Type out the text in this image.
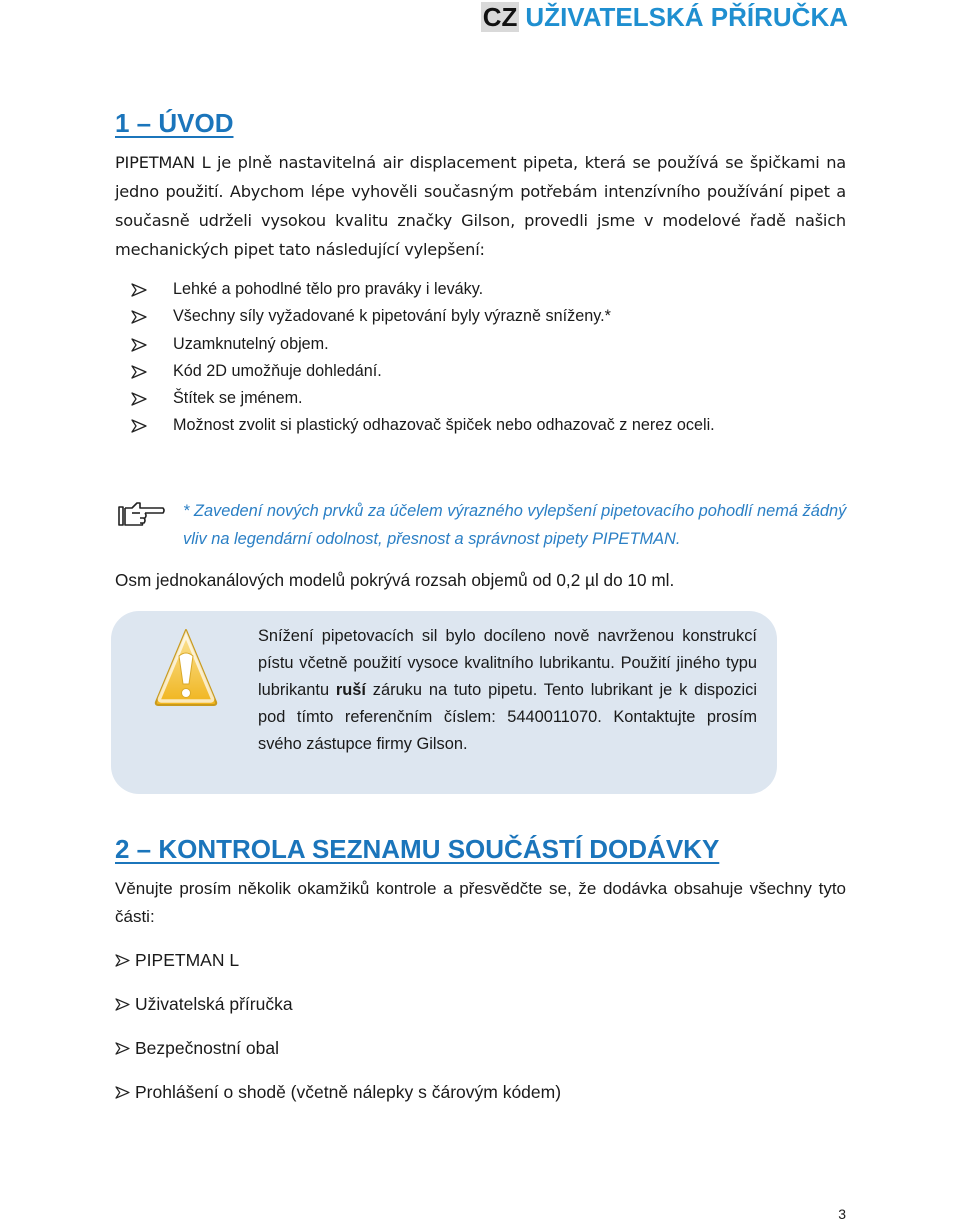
CZ UŽIVATELSKÁ PŘÍRUČKA
1 – ÚVOD
PIPETMAN L je plně nastavitelná air displacement pipeta, která se používá se špičkami na jedno použití. Abychom lépe vyhověli současným potřebám intenzívního používání pipet a současně udrželi vysokou kvalitu značky Gilson, provedli jsme v modelové řadě našich mechanických pipet tato následující vylepšení:
Lehké a pohodlné tělo pro praváky i leváky.
Všechny síly vyžadované k pipetování byly výrazně sníženy.*
Uzamknutelný objem.
Kód 2D umožňuje dohledání.
Štítek se jménem.
Možnost zvolit si plastický odhazovač špiček nebo odhazovač z nerez oceli.
* Zavedení nových prvků za účelem výrazného vylepšení pipetovacího pohodlí nemá žádný vliv na legendární odolnost, přesnost a správnost pipety PIPETMAN.
Osm jednokanálových modelů pokrývá rozsah objemů od 0,2 µl do 10 ml.
Snížení pipetovacích sil bylo docíleno nově navrženou konstrukcí pístu včetně použití vysoce kvalitního lubrikantu. Použití jiného typu lubrikantu ruší záruku na tuto pipetu. Tento lubrikant je k dispozici pod tímto referenčním číslem: 5440011070. Kontaktujte prosím svého zástupce firmy Gilson.
2 – KONTROLA SEZNAMU SOUČÁSTÍ DODÁVKY
Věnujte prosím několik okamžiků kontrole a přesvědčte se, že dodávka obsahuje všechny tyto části:
PIPETMAN L
Uživatelská příručka
Bezpečnostní obal
Prohlášení o shodě (včetně nálepky s čárovým kódem)
3
